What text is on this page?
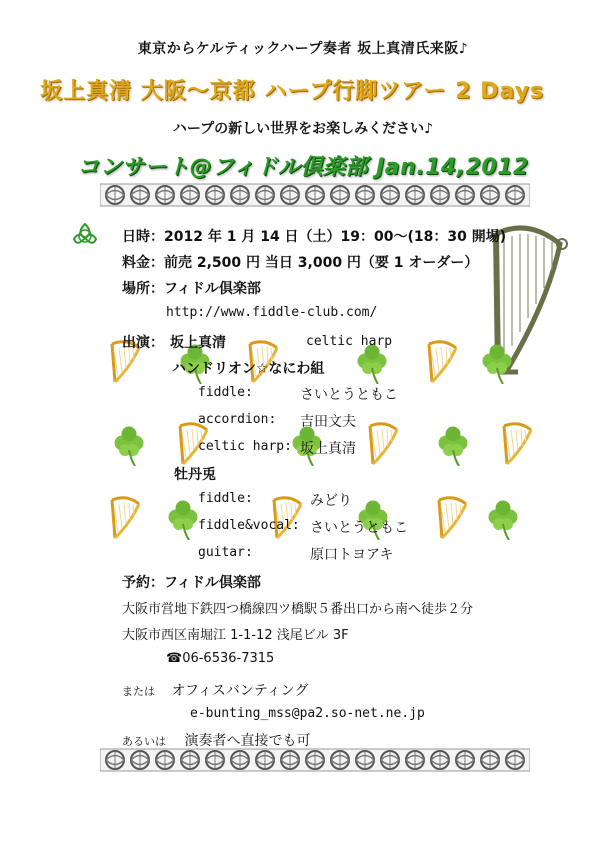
東京からケルティックハープ奏者 坂上真清氏来阪♪
坂上真清 大阪～京都 ハープ行脚ツアー 2 Days
ハープの新しい世界をお楽しみください♪
コンサート@フィドル倶楽部 Jan.14,2012
日時：2012 年 1 月 14 日（土）19：00～(18：30 開場)
料金：前売 2,500 円 当日 3,000 円（要 1 オーダー）
場所：フィドル倶楽部
http://www.fiddle-club.com/
出演： 坂上真清	celtic harp
ハンドリオン☆なにわ組
fiddle:	さいとうともこ
accordion: 吉田文夫
celtic harp: 坂上真清
牡丹兎
fiddle:	みどり
fiddle&vocal: さいとうともこ
guitar:	原口トヨアキ
予約：フィドル倶楽部
大阪市営地下鉄四つ橋線四ツ橋駅５番出口から南へ徒歩２分
大阪市西区南堀江 1-1-12 浅尾ビル 3F
☎06-6536-7315
または オフィスバンティング
e-bunting_mss@pa2.so-net.ne.jp
あるいは 演奏者へ直接でも可
